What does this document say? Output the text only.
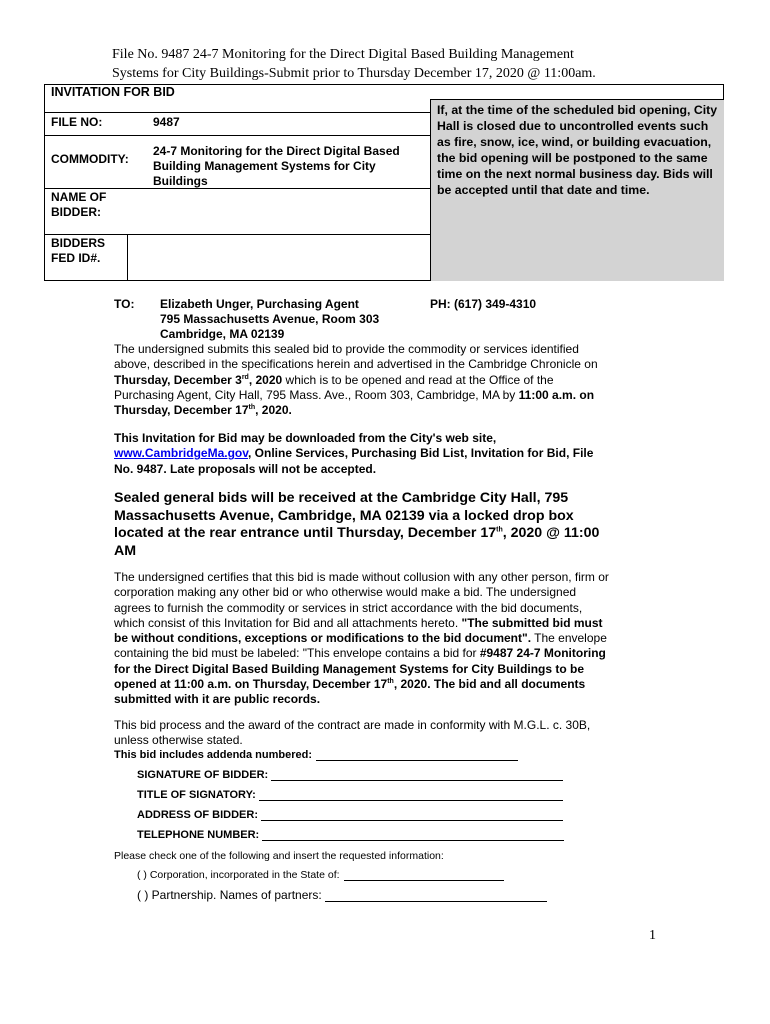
File No. 9487 24-7 Monitoring for the Direct Digital Based Building Management
Systems for City Buildings-Submit prior to Thursday December 17, 2020 @ 11:00am.
INVITATION FOR BID
If, at the time of the scheduled bid opening, City Hall is closed due to uncontrolled events such as fire, snow, ice, wind, or building evacuation, the bid opening will be postponed to the same time on the next normal business day. Bids will be accepted until that date and time.
FILE NO:	9487
COMMODITY:
24-7 Monitoring for the Direct Digital Based Building Management Systems for City Buildings
NAME OF
BIDDER:
BIDDERS
FED ID#.
TO: Elizabeth Unger, Purchasing Agent
795 Massachusetts Avenue, Room 303
Cambridge, MA 02139
PH: (617) 349-4310
The undersigned submits this sealed bid to provide the commodity or services identified above, described in the specifications herein and advertised in the Cambridge Chronicle on Thursday, December 3rd, 2020 which is to be opened and read at the Office of the Purchasing Agent, City Hall, 795 Mass. Ave., Room 303, Cambridge, MA by 11:00 a.m. on Thursday, December 17th, 2020.
This Invitation for Bid may be downloaded from the City's web site, www.CambridgeMa.gov, Online Services, Purchasing Bid List, Invitation for Bid, File No. 9487. Late proposals will not be accepted.
Sealed general bids will be received at the Cambridge City Hall, 795 Massachusetts Avenue, Cambridge, MA 02139 via a locked drop box located at the rear entrance until Thursday, December 17th, 2020 @ 11:00 AM
The undersigned certifies that this bid is made without collusion with any other person, firm or corporation making any other bid or who otherwise would make a bid. The undersigned agrees to furnish the commodity or services in strict accordance with the bid documents, which consist of this Invitation for Bid and all attachments hereto. "The submitted bid must be without conditions, exceptions or modifications to the bid document". The envelope containing the bid must be labeled: "This envelope contains a bid for #9487 24-7 Monitoring for the Direct Digital Based Building Management Systems for City Buildings to be opened at 11:00 a.m. on Thursday, December 17th, 2020. The bid and all documents submitted with it are public records.
This bid process and the award of the contract are made in conformity with M.G.L. c. 30B, unless otherwise stated.
This bid includes addenda numbered:
SIGNATURE OF BIDDER:
TITLE OF SIGNATORY:
ADDRESS OF BIDDER:
TELEPHONE NUMBER:
Please check one of the following and insert the requested information:
( ) Corporation, incorporated in the State of:
( ) Partnership. Names of partners:
1
